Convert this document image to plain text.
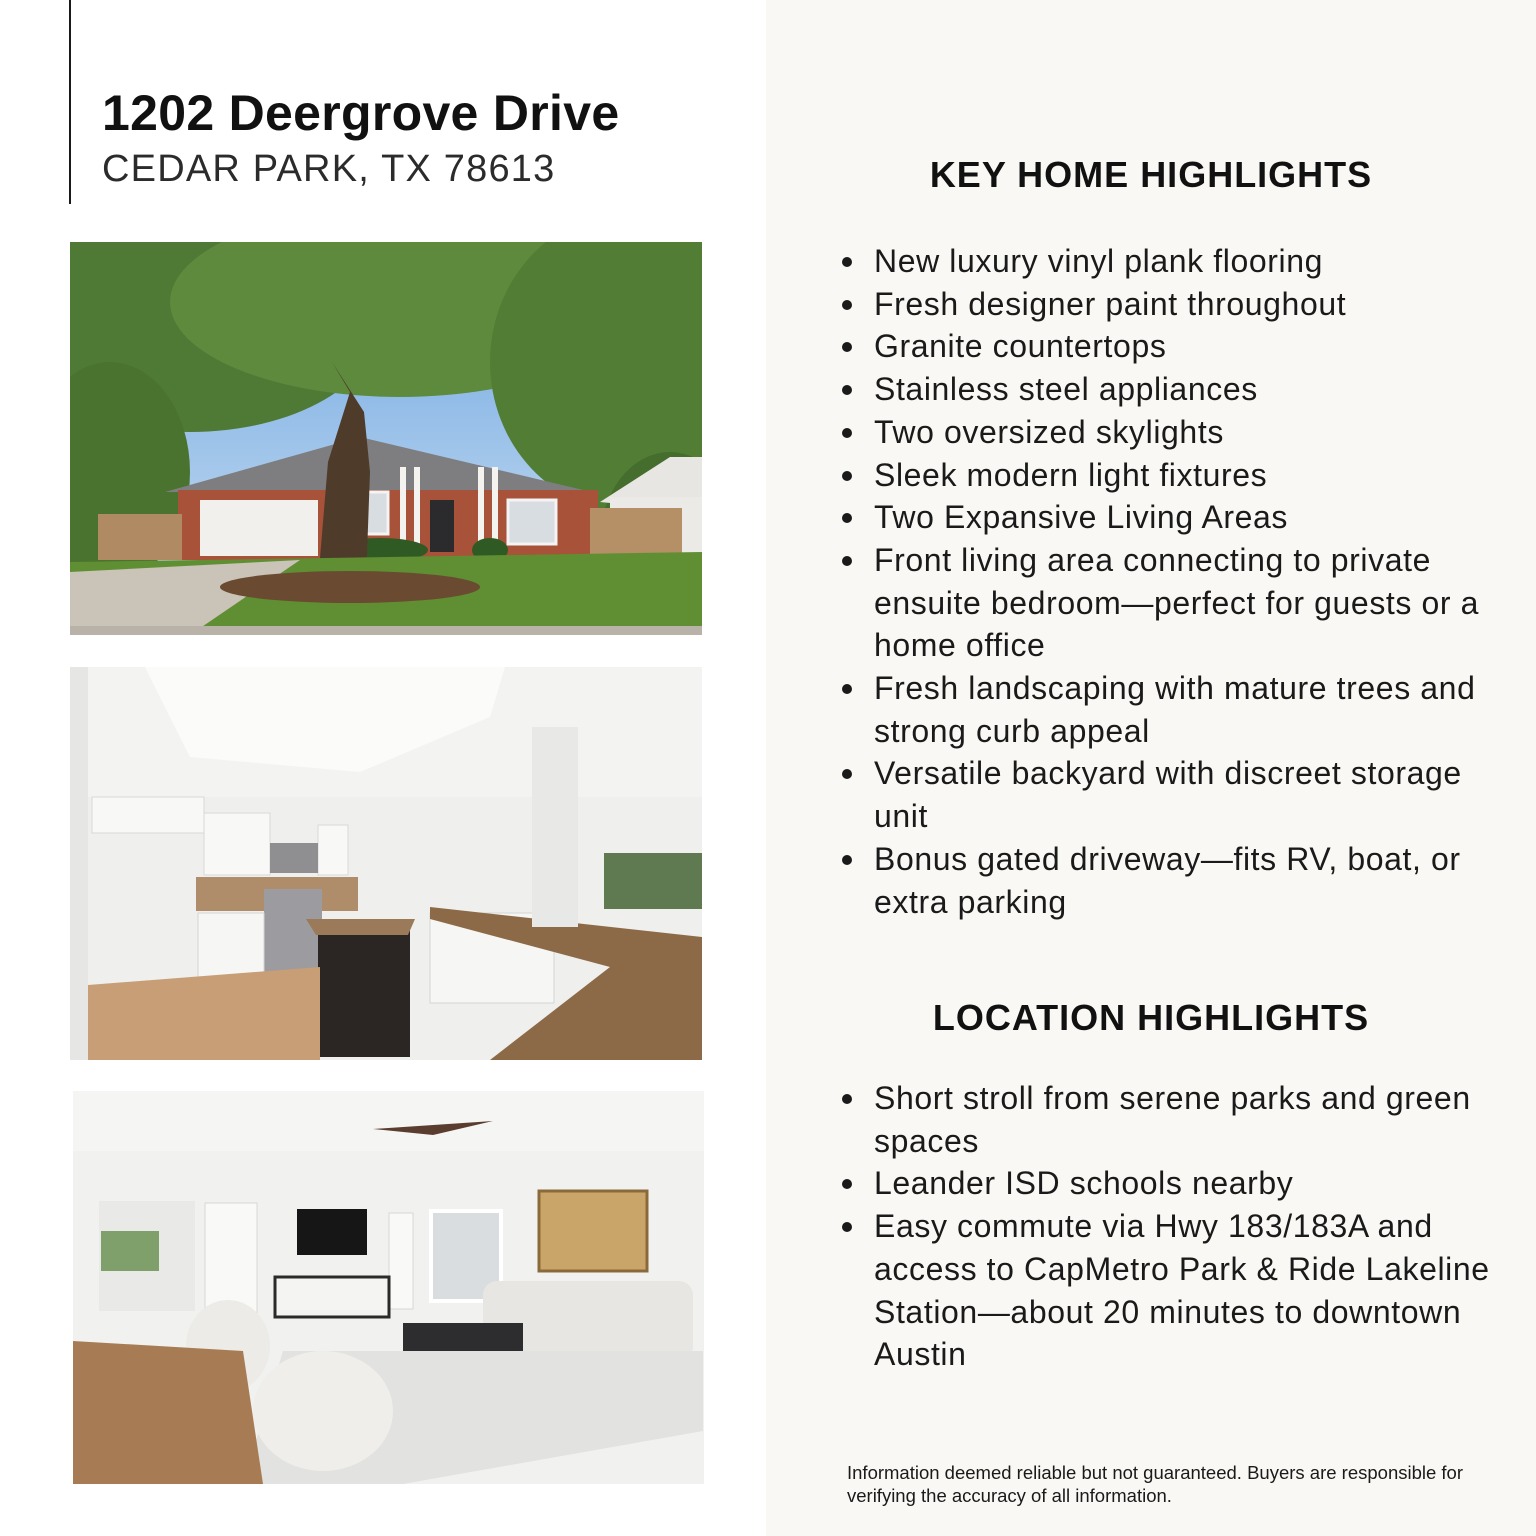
1202 Deergrove Drive

CEDAR PARK, TX 78613	KEY HOME HIGHLIGHTS
New luxury vinyl plank flooring
Fresh designer paint throughout
Granite countertops
Stainless steel appliances
Two oversized skylights
Sleek modern light fixtures
Two Expansive Living Areas
Front living area connecting to private ensuite bedroom—perfect for guests or a home office
Fresh landscaping with mature trees and strong curb appeal
Versatile backyard with discreet storage unit
Bonus gated driveway—fits RV, boat, or extra parking
LOCATION HIGHLIGHTS
Short stroll from serene parks and green spaces
Leander ISD schools nearby
Easy commute via Hwy 183/183A and access to CapMetro Park & Ride Lakeline Station—about 20 minutes to downtown Austin

Information deemed reliable but not guaranteed. Buyers are responsible for verifying the accuracy of all information.
